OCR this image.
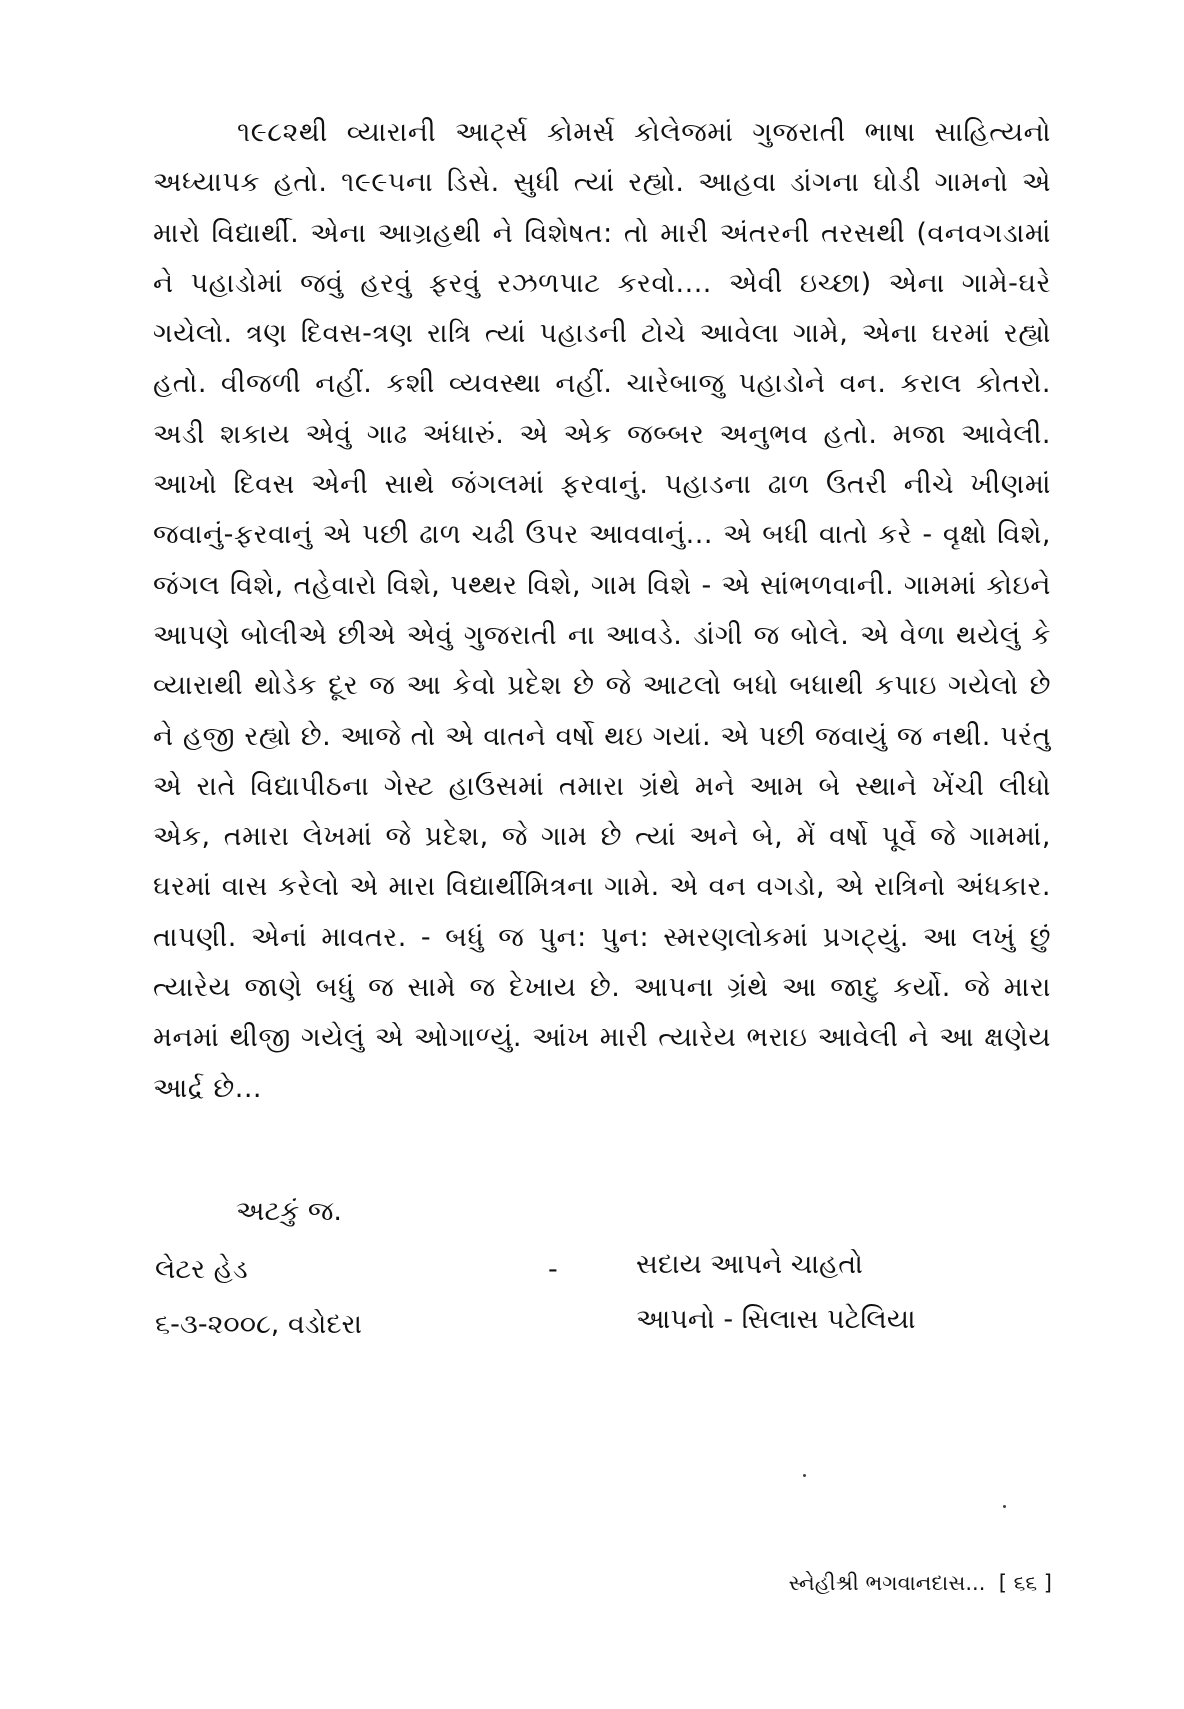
૧૯૮૨થી વ્યારાની આર્ટ્સ કોમર્સ કોલેજમાં ગુજરાતી ભાષા સાહિત્યનો અધ્યાપક હતો. ૧૯૯૫ના ડિસે. સુધી ત્યાં રહ્યો. આહવા ડાંગના ઘોડી ગામનો એ મારો વિદ્યાર્થી. એના આગ્રહથી ને વિશેષત: તો મારી અંતરની તરસથી (વનવગડામાં ને પહાડોમાં જવું હરવું ફરવું રઝળપાટ કરવો.... એવી ઇચ્છા) એના ગામે-ઘરે ગયેલો. ત્રણ દિવસ-ત્રણ રાત્રિ ત્યાં પહાડની ટોચે આવેલા ગામે, એના ઘરમાં રહ્યો હતો. વીજળી નહીં. કશી વ્યવસ્થા નહીં. ચારેબાજુ પહાડોને વન. કરાલ કોતરો. અડી શકાય એવું ગાઢ અંધારું. એ એક જબ્બર અનુભવ હતો. મજા આવેલી. આખો દિવસ એની સાથે જંગલમાં ફરવાનું. પહાડના ઢાળ ઉતરી નીચે ખીણમાં જવાનું-ફરવાનું એ પછી ઢાળ ચઢી ઉપર આવવાનું... એ બધી વાતો કરે - વૃક્ષો વિશે, જંગલ વિશે, તહેવારો વિશે, પથ્થર વિશે, ગામ વિશે - એ સાંભળવાની. ગામમાં કોઇને આપણે બોલીએ છીએ એવું ગુજરાતી ના આવડે. ડાંગી જ બોલે. એ વેળા થયેલું કે વ્યારાથી થોડેક દૂર જ આ કેવો પ્રદેશ છે જે આટલો બધો બધાથી કપાઇ ગયેલો છે ને હજી રહ્યો છે. આજે તો એ વાતને વર્ષો થઇ ગયાં. એ પછી જવાયું જ નથી. પરંતુ એ રાતે વિદ્યાપીઠના ગેસ્ટ હાઉસમાં તમારા ગ્રંથે મને આમ બે સ્થાને ખેંચી લીધો એક, તમારા લેખમાં જે પ્રદેશ, જે ગામ છે ત્યાં અને બે, મેં વર્ષો પૂર્વે જે ગામમાં, ઘરમાં વાસ કરેલો એ મારા વિદ્યાર્થીમિત્રના ગામે. એ વન વગડો, એ રાત્રિનો અંધકાર. તાપણી. એનાં માવતર. - બધું જ પુન: પુન: સ્મરણલોકમાં પ્રગટ્યું. આ લખું છું ત્યારેય જાણે બધું જ સામે જ દેખાય છે. આપના ગ્રંથે આ જાદુ કર્યો. જે મારા મનમાં થીજી ગયેલું એ ઓગાળ્યું. આંખ મારી ત્યારેય ભરાઇ આવેલી ને આ ક્ષણેય આર્દ્ર છે...

અટકું જ.

લેટર હેડ

૬-૩-૨૦૦૮, વડોદરા

-	સદાય આપને ચાહતો

આપનો - સિલાસ પટેલિયા

સ્નેહીશ્રી ભગવાનદાસ... [ ૬૬ ]
